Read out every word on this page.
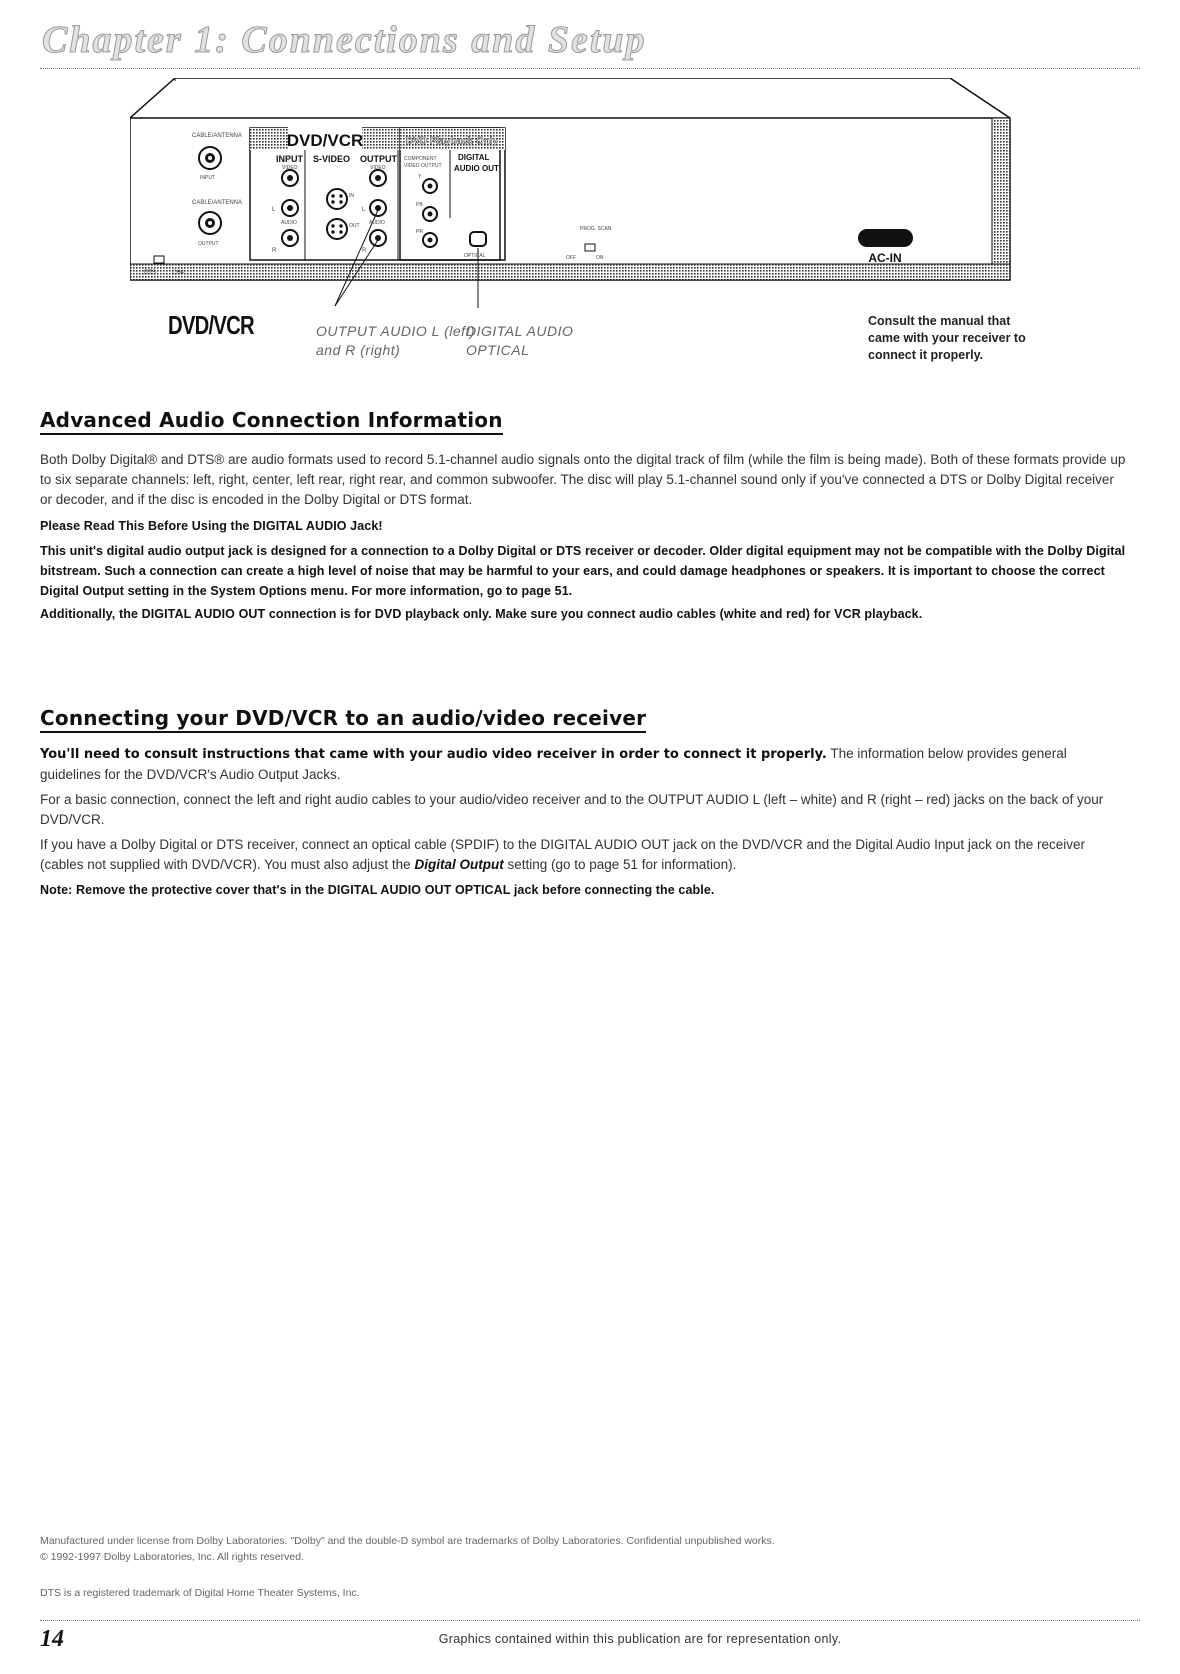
Chapter 1: Connections and Setup
CABLE/ANTENNA
INPUT
CABLE/ANTENNA
OUTPUT
DTS	CH4
DVD/VCR	DVD Playback Only
INPUT S-VIDEO OUTPUT
VIDEO	VIDEO
L	L
R	R
AUDIO	AUDIO
IN
OUT
COMPONENT
VIDEO OUTPUT
DIGITAL
AUDIO OUT
Y
PB
PR
OPTICAL
PROG. SCAN
OFF	ON	AC-IN
DVD/VCR	OUTPUT AUDIO L (left)
and R (right)
DIGITAL AUDIO
OPTICAL
Consult the manual that came with your receiver to connect it properly.
Advanced Audio Connection Information
Both Dolby Digital® and DTS® are audio formats used to record 5.1-channel audio signals onto the digital track of film (while the film is being made). Both of these formats provide up to six separate channels: left, right, center, left rear, right rear, and common subwoofer. The disc will play 5.1-channel sound only if you've connected a DTS or Dolby Digital receiver or decoder, and if the disc is encoded in the Dolby Digital or DTS format.
Please Read This Before Using the DIGITAL AUDIO Jack!
This unit's digital audio output jack is designed for a connection to a Dolby Digital or DTS receiver or decoder. Older digital equipment may not be compatible with the Dolby Digital bitstream. Such a connection can create a high level of noise that may be harmful to your ears, and could damage headphones or speakers. It is important to choose the correct Digital Output setting in the System Options menu. For more information, go to page 51.
Additionally, the DIGITAL AUDIO OUT connection is for DVD playback only. Make sure you connect audio cables (white and red) for VCR playback.
Connecting your DVD/VCR to an audio/video receiver
You'll need to consult instructions that came with your audio video receiver in order to connect it properly. The information below provides general guidelines for the DVD/VCR's Audio Output Jacks.
For a basic connection, connect the left and right audio cables to your audio/video receiver and to the OUTPUT AUDIO L (left – white) and R (right – red) jacks on the back of your DVD/VCR.
If you have a Dolby Digital or DTS receiver, connect an optical cable (SPDIF) to the DIGITAL AUDIO OUT jack on the DVD/VCR and the Digital Audio Input jack on the receiver (cables not supplied with DVD/VCR). You must also adjust the Digital Output setting (go to page 51 for information).
Note: Remove the protective cover that's in the DIGITAL AUDIO OUT OPTICAL jack before connecting the cable.
Manufactured under license from Dolby Laboratories. "Dolby" and the double-D symbol are trademarks of Dolby Laboratories. Confidential unpublished works.
© 1992-1997 Dolby Laboratories, Inc. All rights reserved.
DTS is a registered trademark of Digital Home Theater Systems, Inc.
14	Graphics contained within this publication are for representation only.
